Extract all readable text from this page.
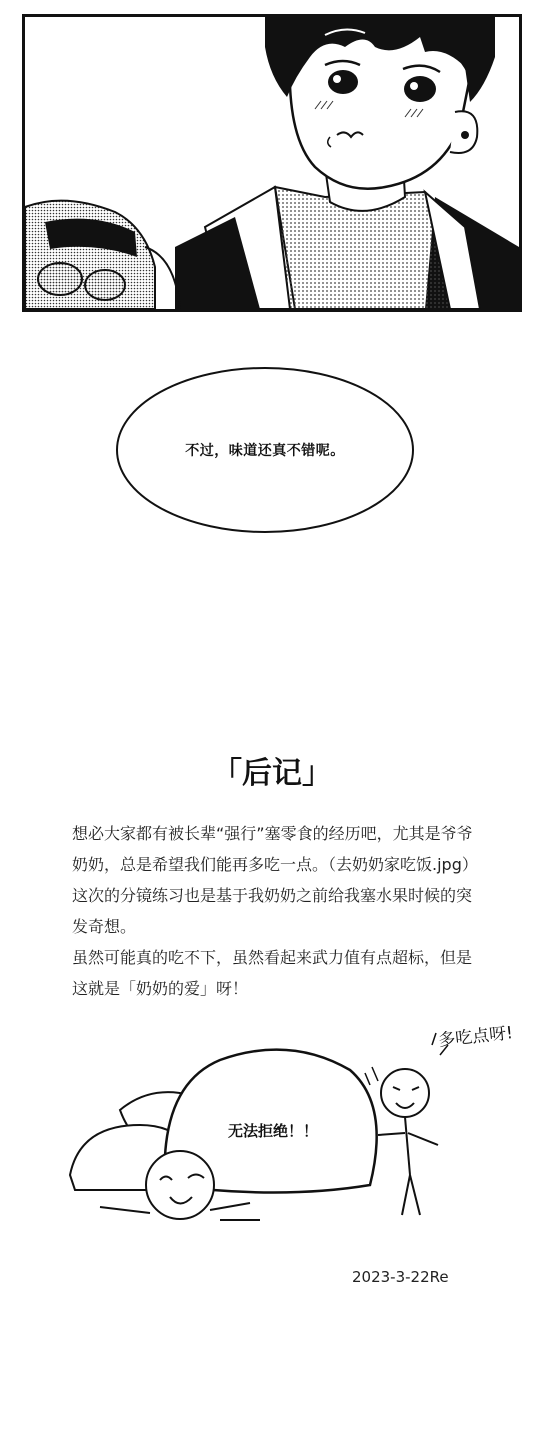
不过，味道还真不错呢。
「后记」

想必大家都有被长辈“强行”塞零食的经历吧，尤其是爷爷奶奶，总是希望我们能再多吃一点。（去奶奶家吃饭.jpg）这次的分镜练习也是基于我奶奶之前给我塞水果时候的突发奇想。

虽然可能真的吃不下，虽然看起来武力值有点超标，但是这就是「奶奶的爱」呀！

无法拒绝！！
多吃点呀!
2023-3-22Re
